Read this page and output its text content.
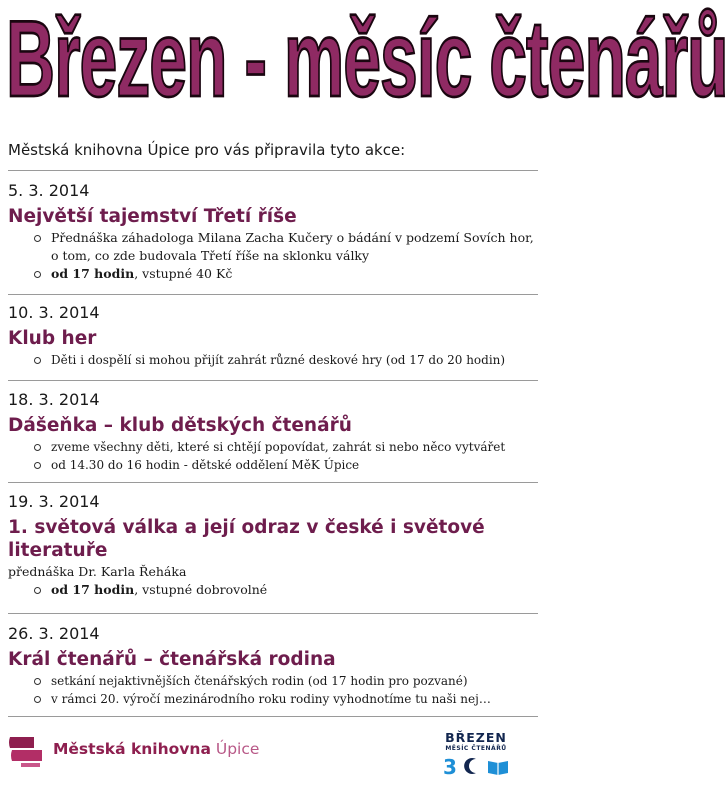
Březen - měsíc čtenářů

Městská knihovna Úpice pro vás připravila tyto akce:

5. 3. 2014

Největší tajemství Třetí říše
Přednáška záhadologa Milana Zacha Kučery o bádání v podzemí Sovích hor, o tom, co zde budovala Třetí říše na sklonku války
od 17 hodin, vstupné 40 Kč

10. 3. 2014

Klub her
Děti i dospělí si mohou přijít zahrát různé deskové hry (od 17 do 20 hodin)

18. 3. 2014

Dášeňka – klub dětských čtenářů
zveme všechny děti, které si chtějí popovídat, zahrát si nebo něco vytvářet
od 14.30 do 16 hodin - dětské oddělení MěK Úpice

19. 3. 2014

1. světová válka a její odraz v české i světové literatuře

přednáška Dr. Karla Řeháka

od 17 hodin, vstupné dobrovolné

26. 3. 2014

Král čtenářů – čtenářská rodina
setkání nejaktivnějších čtenářských rodin (od 17 hodin pro pozvané)
v rámci 20. výročí mezinárodního roku rodiny vyhodnotíme tu naši nej…
Městská knihovna Úpice
BŘEZEN
MĚSÍC ČTENÁŘŮ
3
